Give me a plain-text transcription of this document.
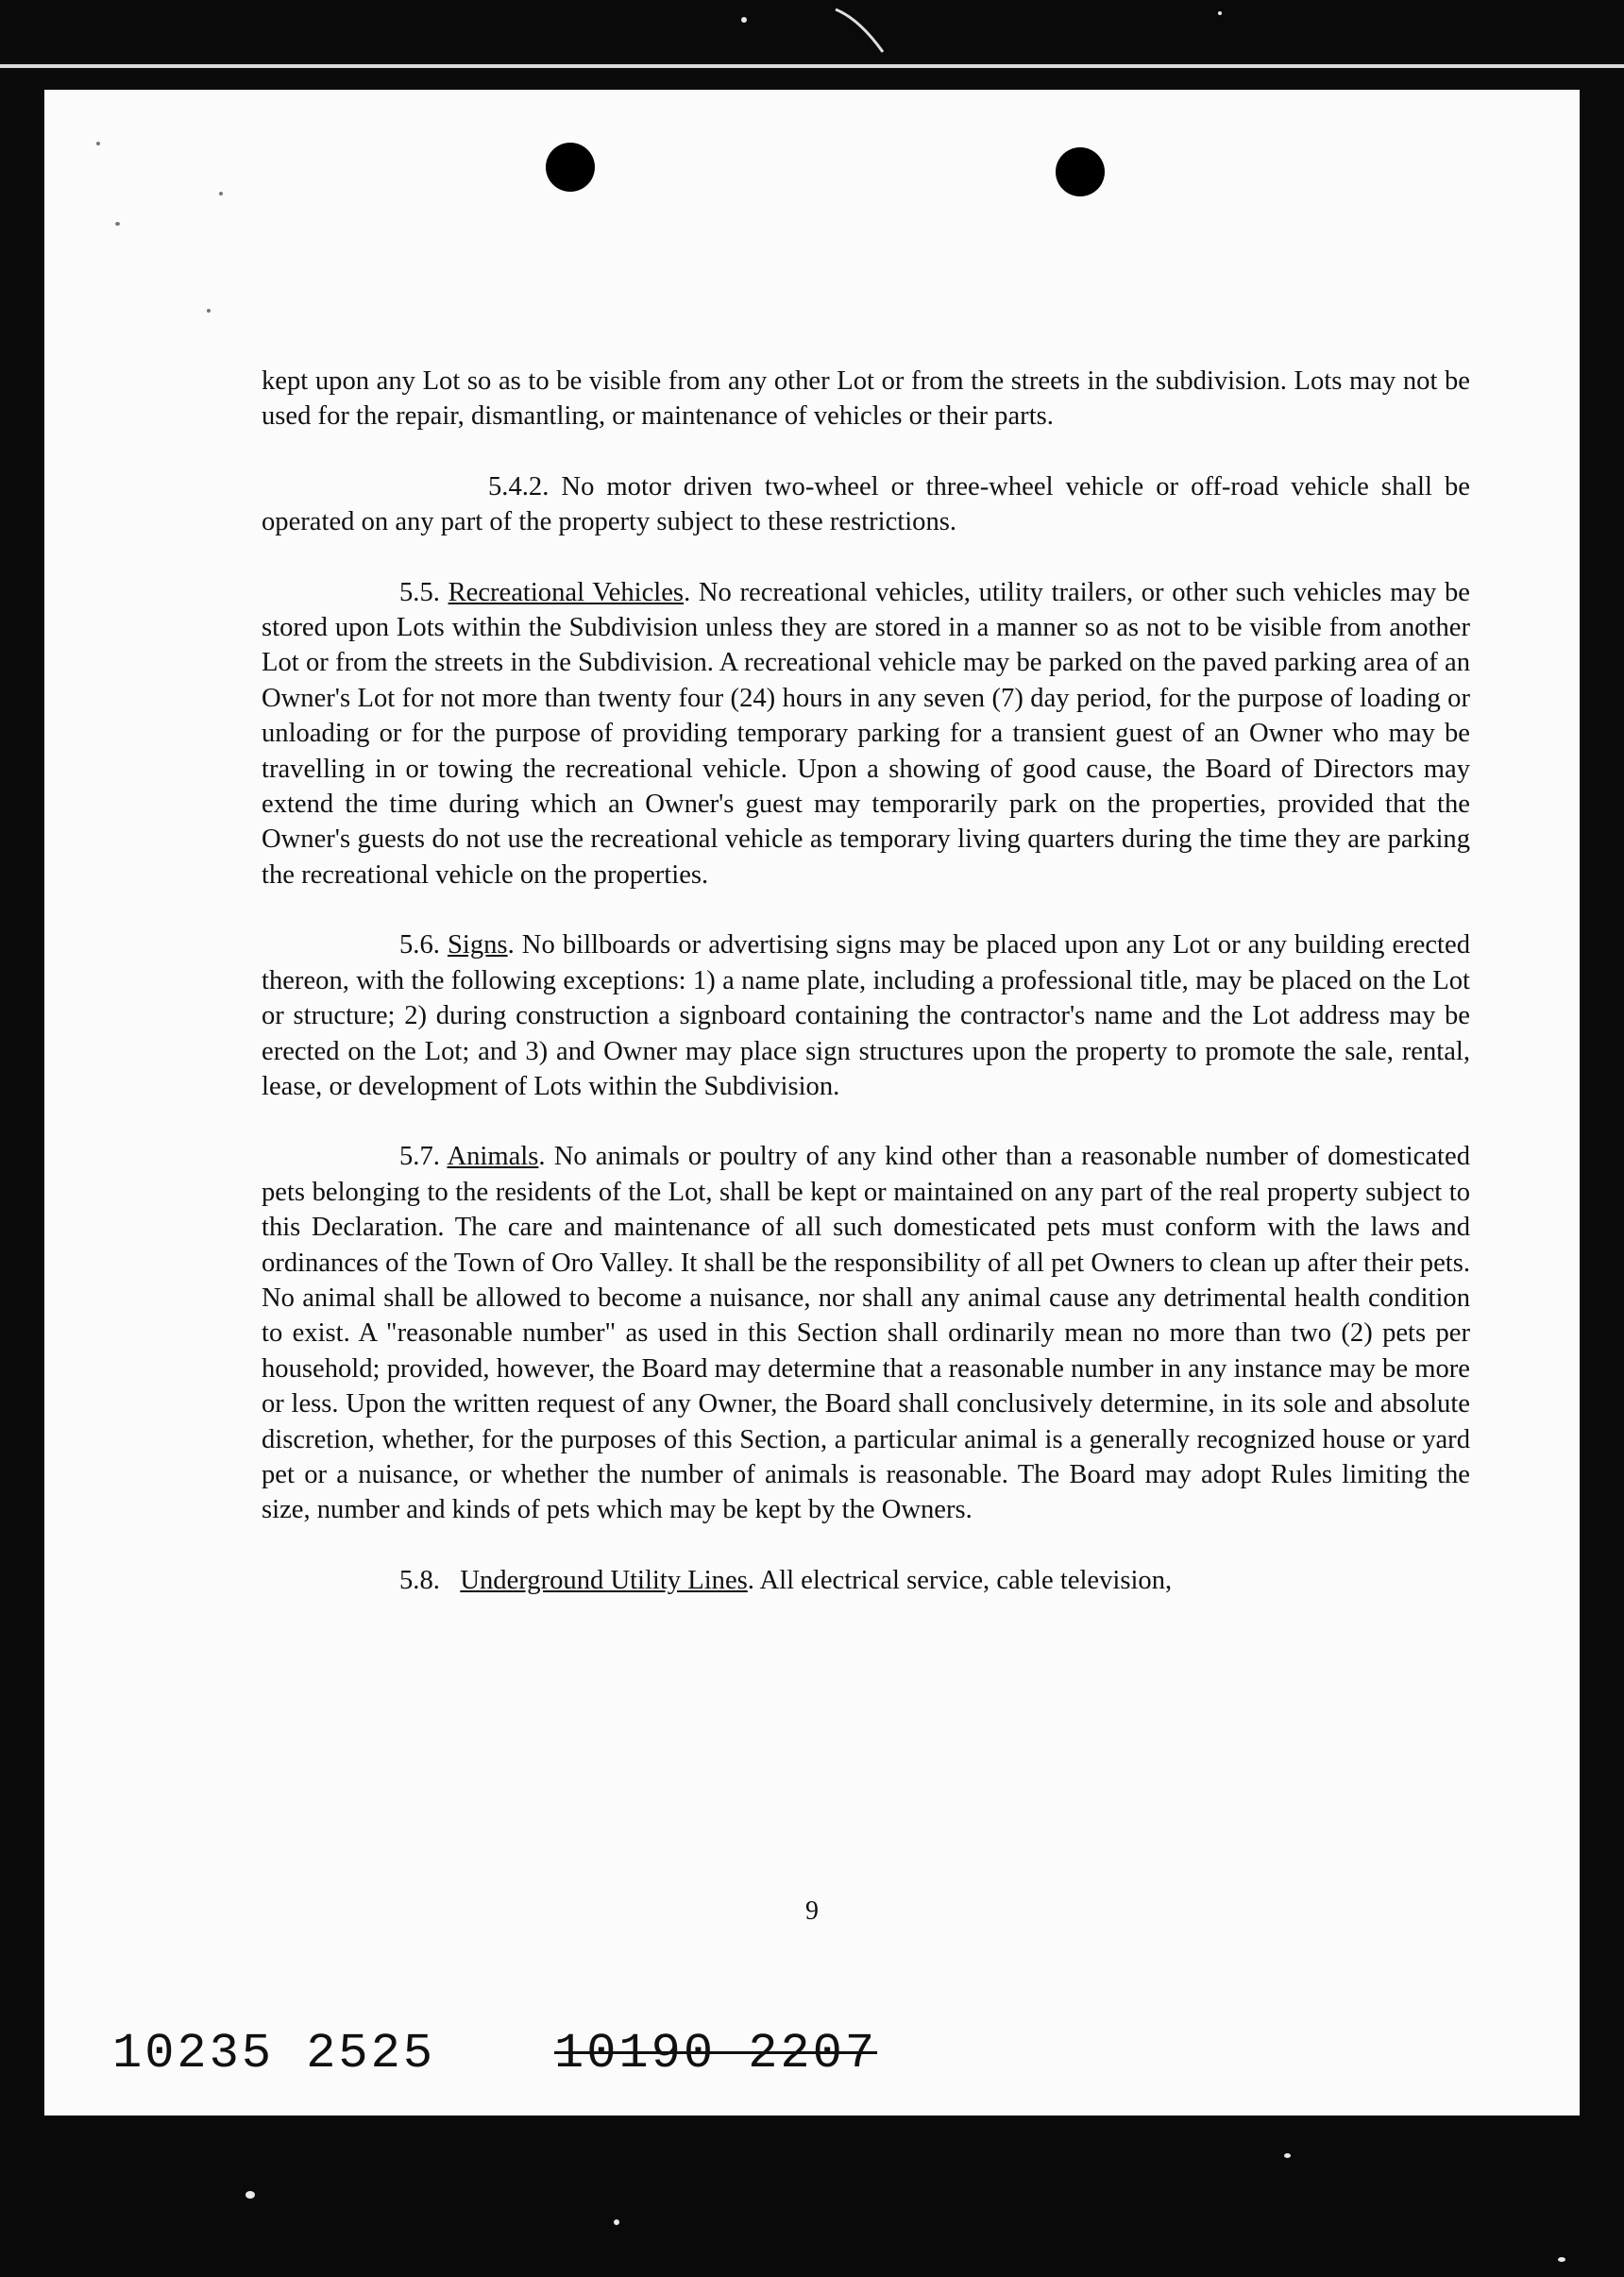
kept upon any Lot so as to be visible from any other Lot or from the streets in the subdivision. Lots may not be used for the repair, dismantling, or maintenance of vehicles or their parts.

5.4.2. No motor driven two-wheel or three-wheel vehicle or off-road vehicle shall be operated on any part of the property subject to these restrictions.

5.5. Recreational Vehicles. No recreational vehicles, utility trailers, or other such vehicles may be stored upon Lots within the Subdivision unless they are stored in a manner so as not to be visible from another Lot or from the streets in the Subdivision. A recreational vehicle may be parked on the paved parking area of an Owner's Lot for not more than twenty four (24) hours in any seven (7) day period, for the purpose of loading or unloading or for the purpose of providing temporary parking for a transient guest of an Owner who may be travelling in or towing the recreational vehicle. Upon a showing of good cause, the Board of Directors may extend the time during which an Owner's guest may temporarily park on the properties, provided that the Owner's guests do not use the recreational vehicle as temporary living quarters during the time they are parking the recreational vehicle on the properties.

5.6. Signs. No billboards or advertising signs may be placed upon any Lot or any building erected thereon, with the following exceptions: 1) a name plate, including a professional title, may be placed on the Lot or structure; 2) during construction a signboard containing the contractor's name and the Lot address may be erected on the Lot; and 3) and Owner may place sign structures upon the property to promote the sale, rental, lease, or development of Lots within the Subdivision.

5.7. Animals. No animals or poultry of any kind other than a reasonable number of domesticated pets belonging to the residents of the Lot, shall be kept or maintained on any part of the real property subject to this Declaration. The care and maintenance of all such domesticated pets must conform with the laws and ordinances of the Town of Oro Valley. It shall be the responsibility of all pet Owners to clean up after their pets. No animal shall be allowed to become a nuisance, nor shall any animal cause any detrimental health condition to exist. A "reasonable number" as used in this Section shall ordinarily mean no more than two (2) pets per household; provided, however, the Board may determine that a reasonable number in any instance may be more or less. Upon the written request of any Owner, the Board shall conclusively determine, in its sole and absolute discretion, whether, for the purposes of this Section, a particular animal is a generally recognized house or yard pet or a nuisance, or whether the number of animals is reasonable. The Board may adopt Rules limiting the size, number and kinds of pets which may be kept by the Owners.

5.8. Underground Utility Lines. All electrical service, cable television,

9
10235 2525 10190 2207
